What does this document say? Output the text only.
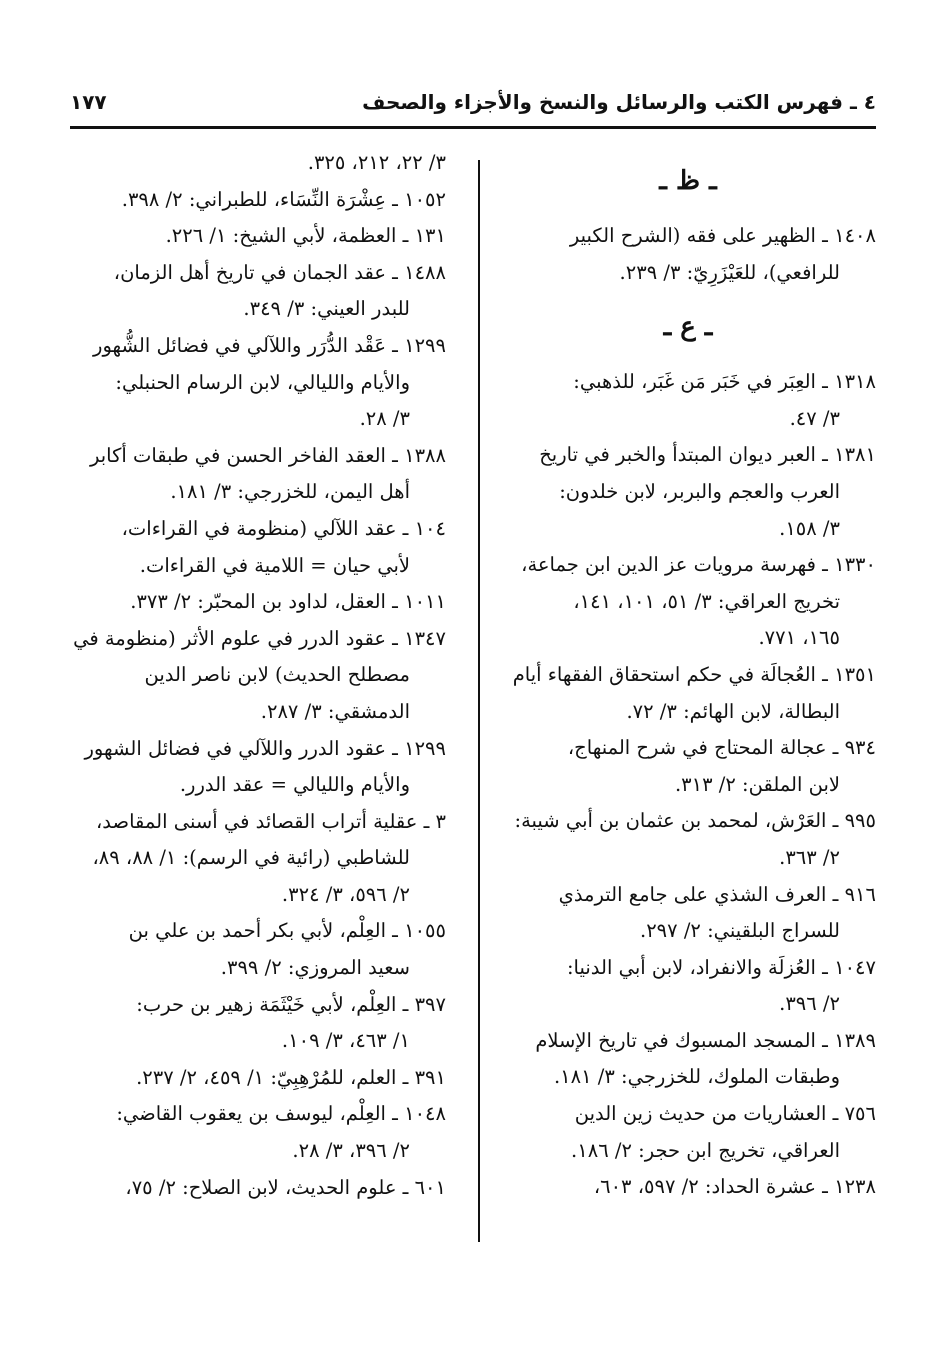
٤ ـ فهرس الكتب والرسائل والنسخ والأجزاء والصحف
١٧٧
ـ ظ ـ
١٤٠٨ ـ الظهير على فقه (الشرح الكبير
للرافعي)، للعَيْزَرِيّ: ٣/ ٢٣٩.
ـ ع ـ
١٣١٨ ـ العِبَر في خَبَر مَن غَبَر، للذهبي:
٣/ ٤٧.
١٣٨١ ـ العبر ديوان المبتدأ والخبر في تاريخ
العرب والعجم والبربر، لابن خلدون:
٣/ ١٥٨.
١٣٣٠ ـ فهرسة مرويات عز الدين ابن جماعة،
تخريج العراقي: ٣/ ٥١، ١٠١، ١٤١،
١٦٥، ٧٧١.
١٣٥١ ـ العُجالَة في حكم استحقاق الفقهاء أيام
البطالة، لابن الهائم: ٣/ ٧٢.
٩٣٤ ـ عجالة المحتاج في شرح المنهاج،
لابن الملقن: ٢/ ٣١٣.
٩٩٥ ـ العَرْش، لمحمد بن عثمان بن أبي شيبة:
٢/ ٣٦٣.
٩١٦ ـ العرف الشذي على جامع الترمذي
للسراج البلقيني: ٢/ ٢٩٧.
١٠٤٧ ـ العُزلَة والانفراد، لابن أبي الدنيا:
٢/ ٣٩٦.
١٣٨٩ ـ المسجد المسبوك في تاريخ الإسلام
وطبقات الملوك، للخزرجي: ٣/ ١٨١.
٧٥٦ ـ العشاريات من حديث زين الدين
العراقي، تخريج ابن حجر: ٢/ ١٨٦.
١٢٣٨ ـ عشرة الحداد: ٢/ ٥٩٧، ٦٠٣،
٣/ ٢٢، ٢١٢، ٣٢٥.
١٠٥٢ ـ عِشْرَة النِّسَاء، للطبراني: ٢/ ٣٩٨.
١٣١ ـ العظمة، لأبي الشيخ: ١/ ٢٢٦.
١٤٨٨ ـ عقد الجمان في تاريخ أهل الزمان،
للبدر العيني: ٣/ ٣٤٩.
١٢٩٩ ـ عَقْد الدُّرَر واللآلي في فضائل الشُّهور
والأيام والليالي، لابن الرسام الحنبلي:
٣/ ٢٨.
١٣٨٨ ـ العقد الفاخر الحسن في طبقات أكابر
أهل اليمن، للخزرجي: ٣/ ١٨١.
١٠٤ ـ عقد اللآلي (منظومة في القراءات،
لأبي حيان = اللامية في القراءات.
١٠١١ ـ العقل، لداود بن المحبّر: ٢/ ٣٧٣.
١٣٤٧ ـ عقود الدرر في علوم الأثر (منظومة في
مصطلح الحديث) لابن ناصر الدين
الدمشقي: ٣/ ٢٨٧.
١٢٩٩ ـ عقود الدرر واللآلي في فضائل الشهور
والأيام والليالي = عقد الدرر.
٣ ـ عقلية أتراب القصائد في أسنى المقاصد،
للشاطبي (رائية في الرسم): ١/ ٨٨، ٨٩،
٢/ ٥٩٦، ٣/ ٣٢٤.
١٠٥٥ ـ العِلْم، لأبي بكر أحمد بن علي بن
سعيد المروزي: ٢/ ٣٩٩.
٣٩٧ ـ العِلْم، لأبي خَيْثَمَة زهير بن حرب:
١/ ٤٦٣، ٣/ ١٠٩.
٣٩١ ـ العلم، للمُرْهِبِيّ: ١/ ٤٥٩، ٢/ ٢٣٧.
١٠٤٨ ـ العِلْم، ليوسف بن يعقوب القاضي:
٢/ ٣٩٦، ٣/ ٢٨.
٦٠١ ـ علوم الحديث، لابن الصلاح: ٢/ ٧٥،
